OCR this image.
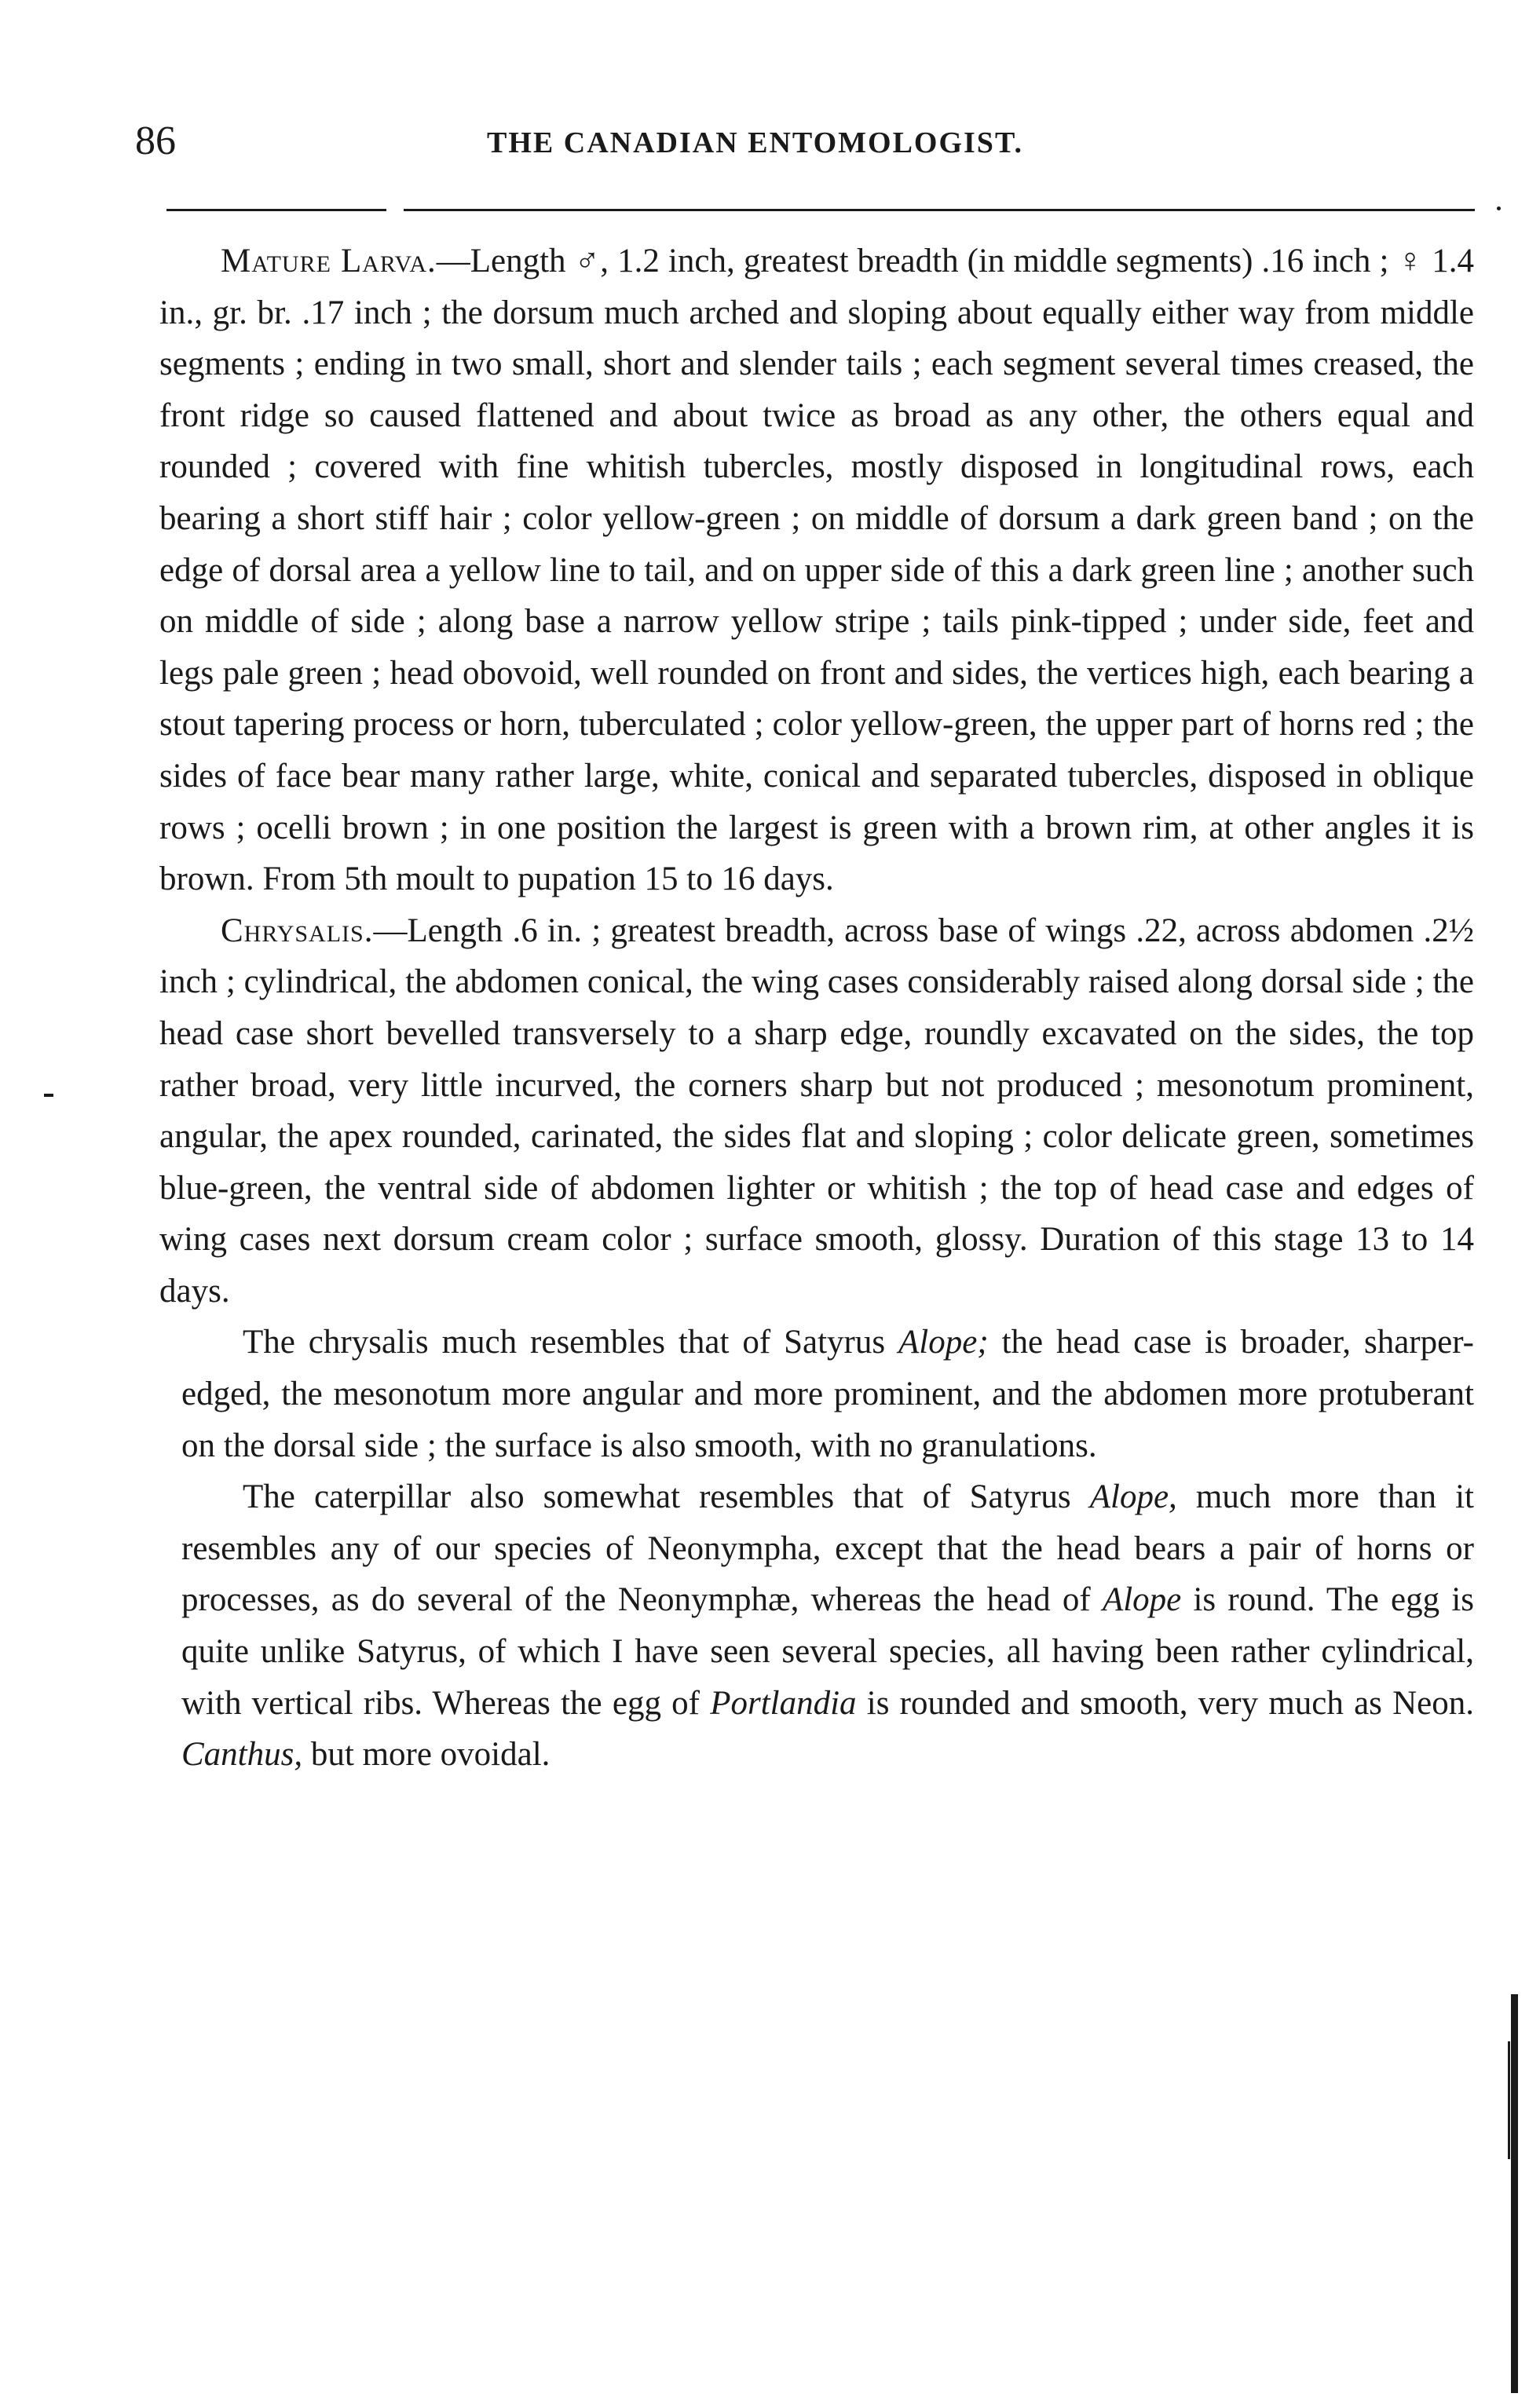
86	THE CANADIAN ENTOMOLOGIST.

Mature Larva.—Length ♂, 1.2 inch, greatest breadth (in middle segments) .16 inch ; ♀ 1.4 in., gr. br. .17 inch ; the dorsum much arched and sloping about equally either way from middle segments ; ending in two small, short and slender tails ; each segment several times creased, the front ridge so caused flattened and about twice as broad as any other, the others equal and rounded ; covered with fine whitish tubercles, mostly disposed in longitudinal rows, each bearing a short stiff hair ; color yellow-green ; on middle of dorsum a dark green band ; on the edge of dorsal area a yellow line to tail, and on upper side of this a dark green line ; another such on middle of side ; along base a narrow yellow stripe ; tails pink-tipped ; under side, feet and legs pale green ; head obovoid, well rounded on front and sides, the vertices high, each bearing a stout tapering process or horn, tuberculated ; color yellow-green, the upper part of horns red ; the sides of face bear many rather large, white, conical and separated tubercles, disposed in oblique rows ; ocelli brown ; in one position the largest is green with a brown rim, at other angles it is brown. From 5th moult to pupation 15 to 16 days.

Chrysalis.—Length .6 in. ; greatest breadth, across base of wings .22, across abdomen .2½ inch ; cylindrical, the abdomen conical, the wing cases considerably raised along dorsal side ; the head case short bevelled transversely to a sharp edge, roundly excavated on the sides, the top rather broad, very little incurved, the corners sharp but not produced ; mesonotum prominent, angular, the apex rounded, carinated, the sides flat and sloping ; color delicate green, sometimes blue-green, the ventral side of abdomen lighter or whitish ; the top of head case and edges of wing cases next dorsum cream color ; surface smooth, glossy. Duration of this stage 13 to 14 days.

The chrysalis much resembles that of Satyrus Alope; the head case is broader, sharper-edged, the mesonotum more angular and more prominent, and the abdomen more protuberant on the dorsal side ; the surface is also smooth, with no granulations.

The caterpillar also somewhat resembles that of Satyrus Alope, much more than it resembles any of our species of Neonympha, except that the head bears a pair of horns or processes, as do several of the Neonymphæ, whereas the head of Alope is round. The egg is quite unlike Satyrus, of which I have seen several species, all having been rather cylindrical, with vertical ribs. Whereas the egg of Portlandia is rounded and smooth, very much as Neon. Canthus, but more ovoidal.
